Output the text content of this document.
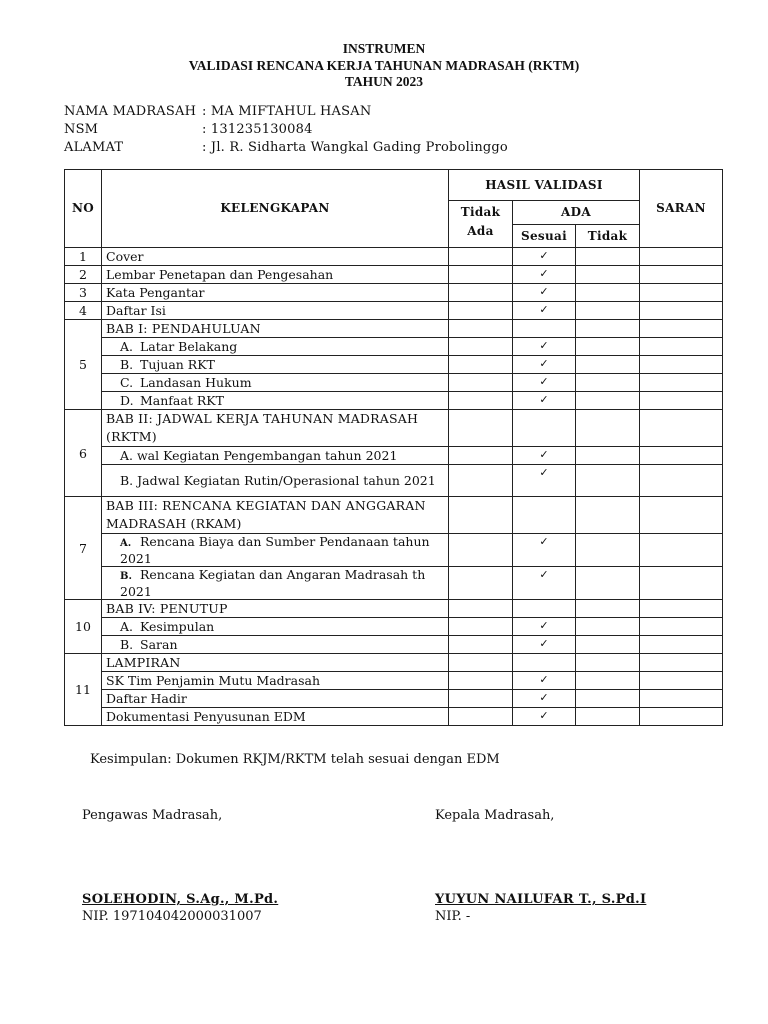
INSTRUMEN
VALIDASI RENCANA KERJA TAHUNAN MADRASAH (RKTM)
TAHUN 2023
NAMA MADRASAH : MA MIFTAHUL HASAN
NSM	: 131235130084
ALAMAT	: Jl. R. Sidharta Wangkal Gading Probolinggo
NO	KELENGKAPAN	HASIL VALIDASI			SARAN
		Tidak Ada	ADA		
			Sesuai	Tidak	
1	Cover		✓		
2	Lembar Penetapan dan Pengesahan		✓		
3	Kata Pengantar		✓		
4	Daftar Isi		✓		
5	BAB I: PENDAHULUAN				
	A. Latar Belakang		✓		
	B. Tujuan RKT		✓		
	C. Landasan Hukum		✓		
	D. Manfaat RKT		✓		
6	BAB II: JADWAL KERJA TAHUNAN MADRASAH (RKTM)				
	A. wal Kegiatan Pengembangan tahun 2021		✓		
	B. Jadwal Kegiatan Rutin/Operasional tahun 2021		✓		
7	BAB III: RENCANA KEGIATAN DAN ANGGARAN MADRASAH (RKAM)				
	A. Rencana Biaya dan Sumber Pendanaan tahun 2021		✓		
	B. Rencana Kegiatan dan Angaran Madrasah th 2021		✓		
10	BAB IV: PENUTUP				
	A. Kesimpulan		✓		
	B. Saran		✓		
11	LAMPIRAN				
	SK Tim Penjamin Mutu Madrasah		✓		
	Daftar Hadir		✓		
	Dokumentasi Penyusunan EDM		✓		
Kesimpulan: Dokumen RKJM/RKTM telah sesuai dengan EDM
Pengawas Madrasah,
SOLEHODIN, S.Ag., M.Pd.
NIP. 197104042000031007
Kepala Madrasah,
YUYUN NAILUFAR T., S.Pd.I
NIP. -
